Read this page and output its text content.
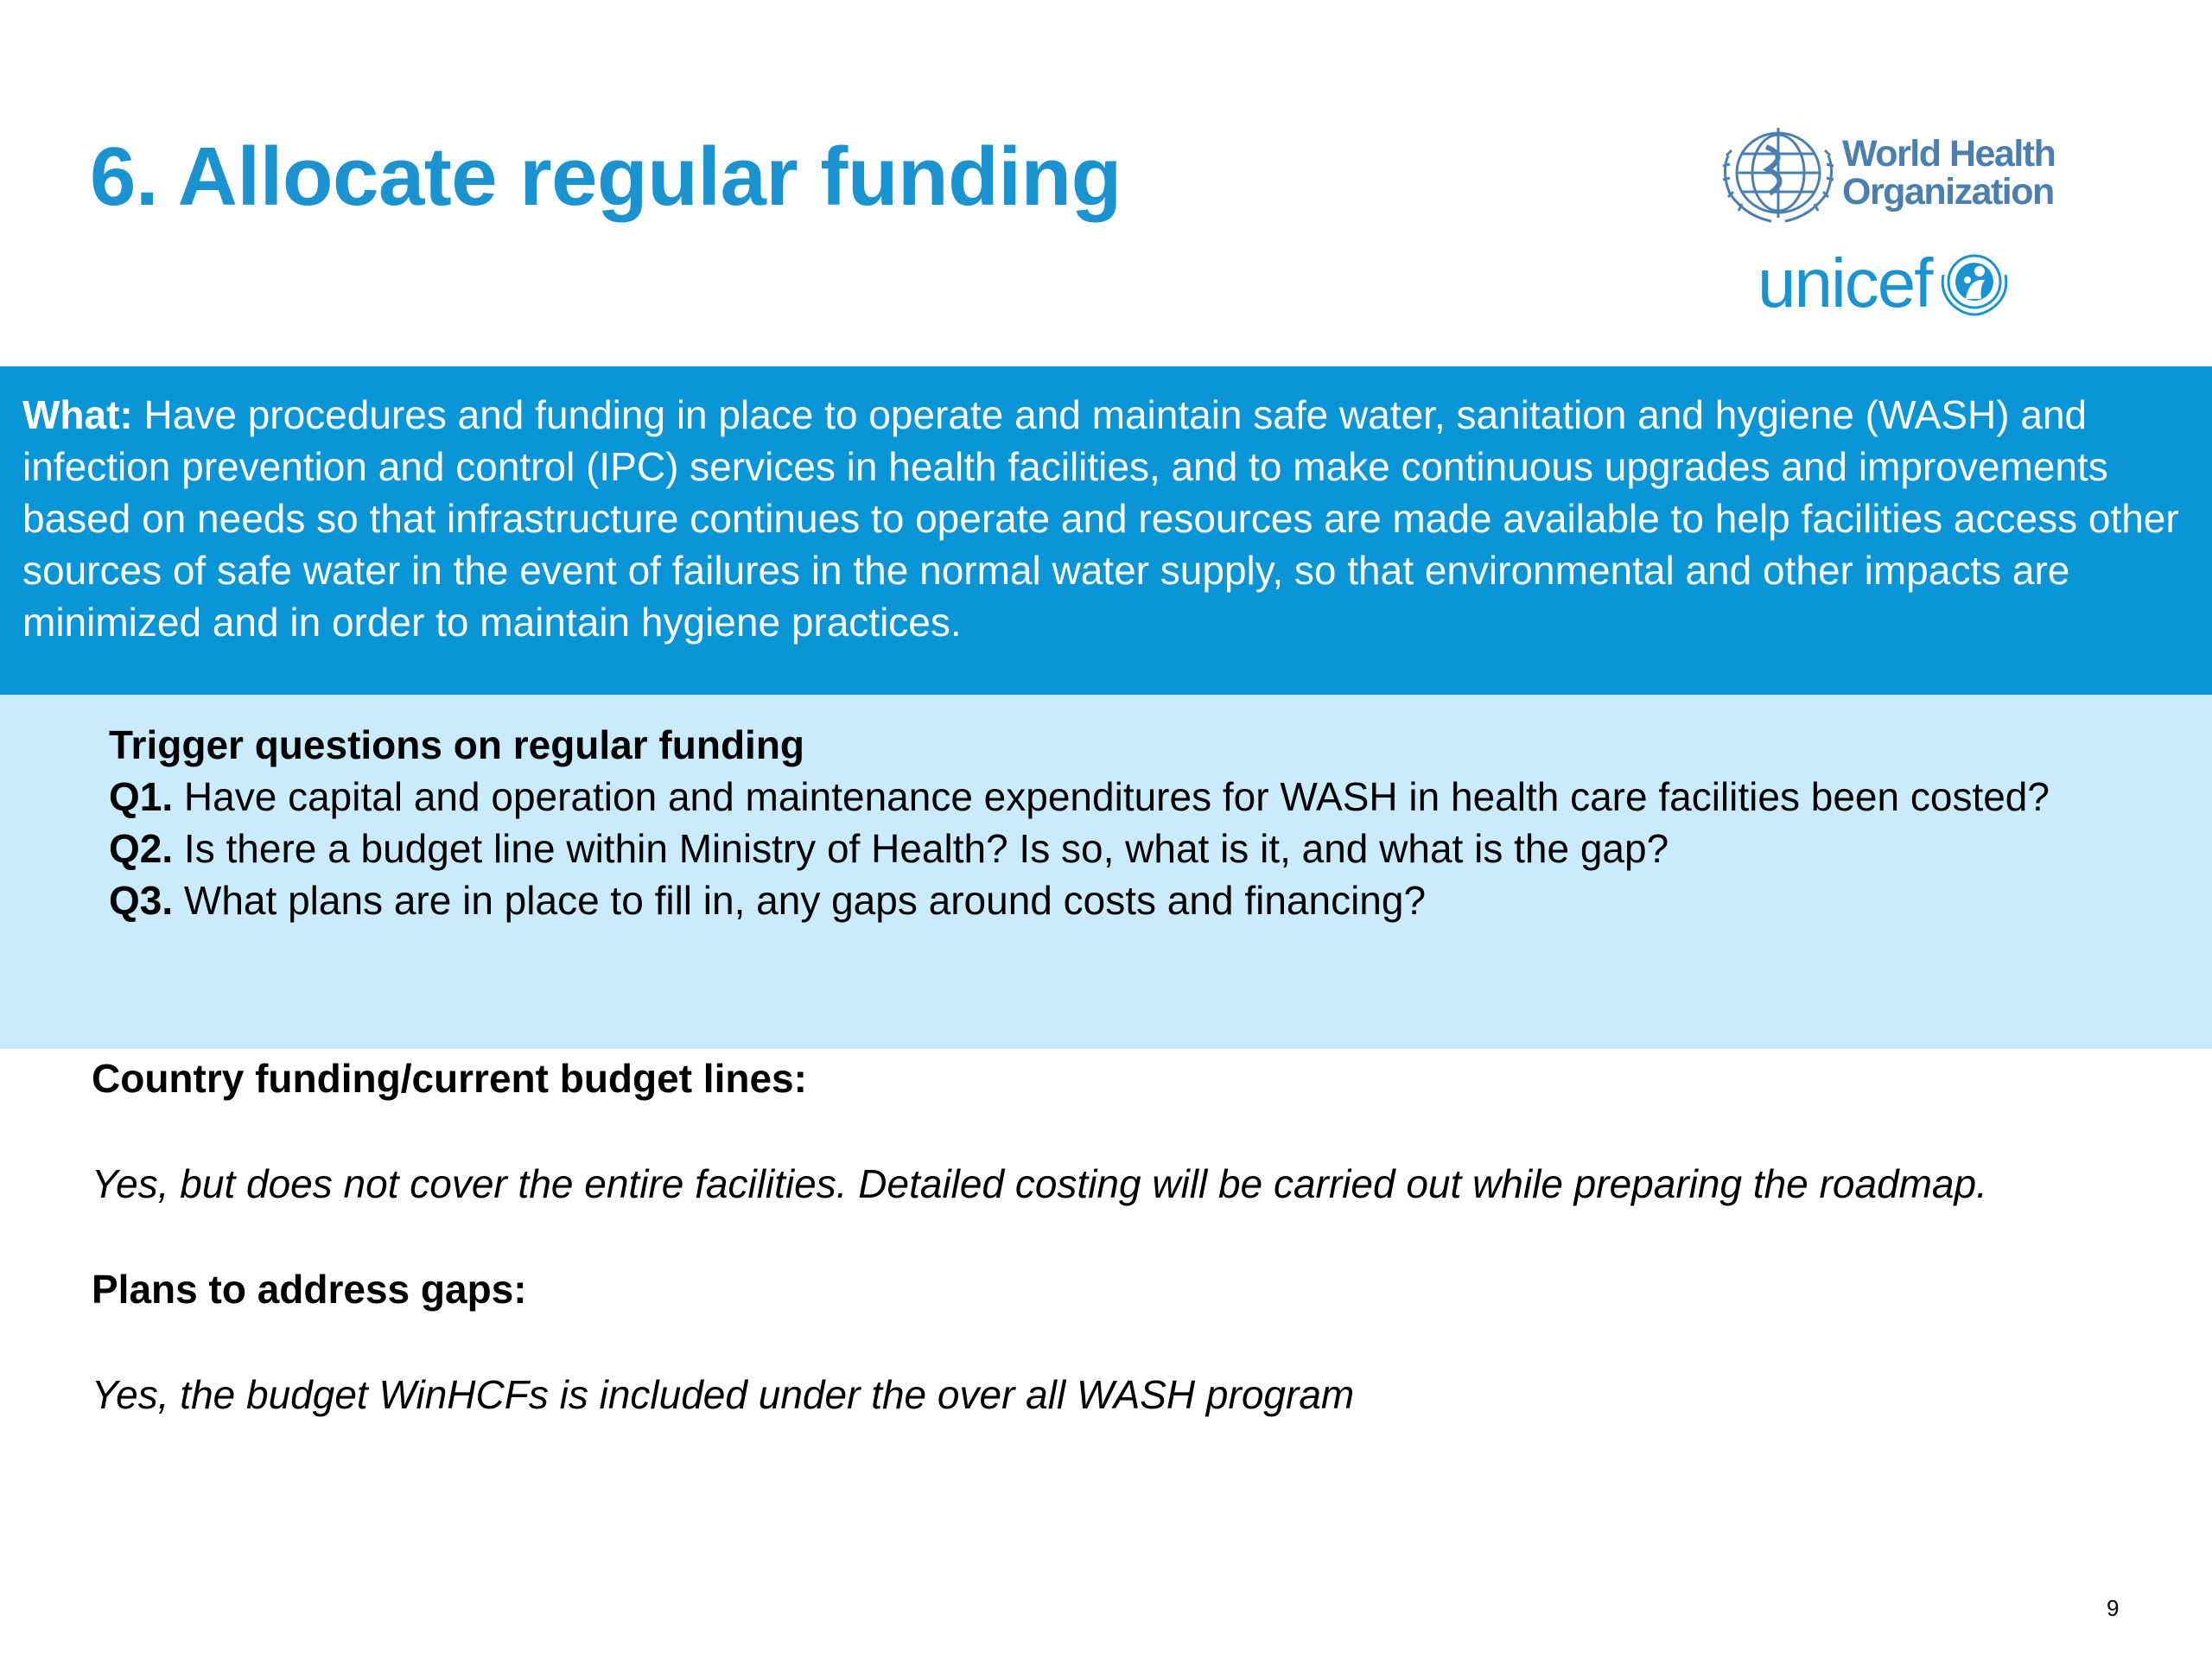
6. Allocate regular funding	World Health
Organization
unicef
What: Have procedures and funding in place to operate and maintain safe water, sanitation and hygiene (WASH) and infection prevention and control (IPC) services in health facilities, and to make continuous upgrades and improvements based on needs so that infrastructure continues to operate and resources are made available to help facilities access other sources of safe water in the event of failures in the normal water supply, so that environmental and other impacts are minimized and in order to maintain hygiene practices.
Trigger questions on regular funding
Q1. Have capital and operation and maintenance expenditures for WASH in health care facilities been costed?
Q2. Is there a budget line within Ministry of Health? Is so, what is it, and what is the gap?
Q3. What plans are in place to fill in, any gaps around costs and financing?
Country funding/current budget lines:
Yes, but does not cover the entire facilities. Detailed costing will be carried out while preparing the roadmap.
Plans to address gaps:
Yes, the budget WinHCFs is included under the over all WASH program
9
